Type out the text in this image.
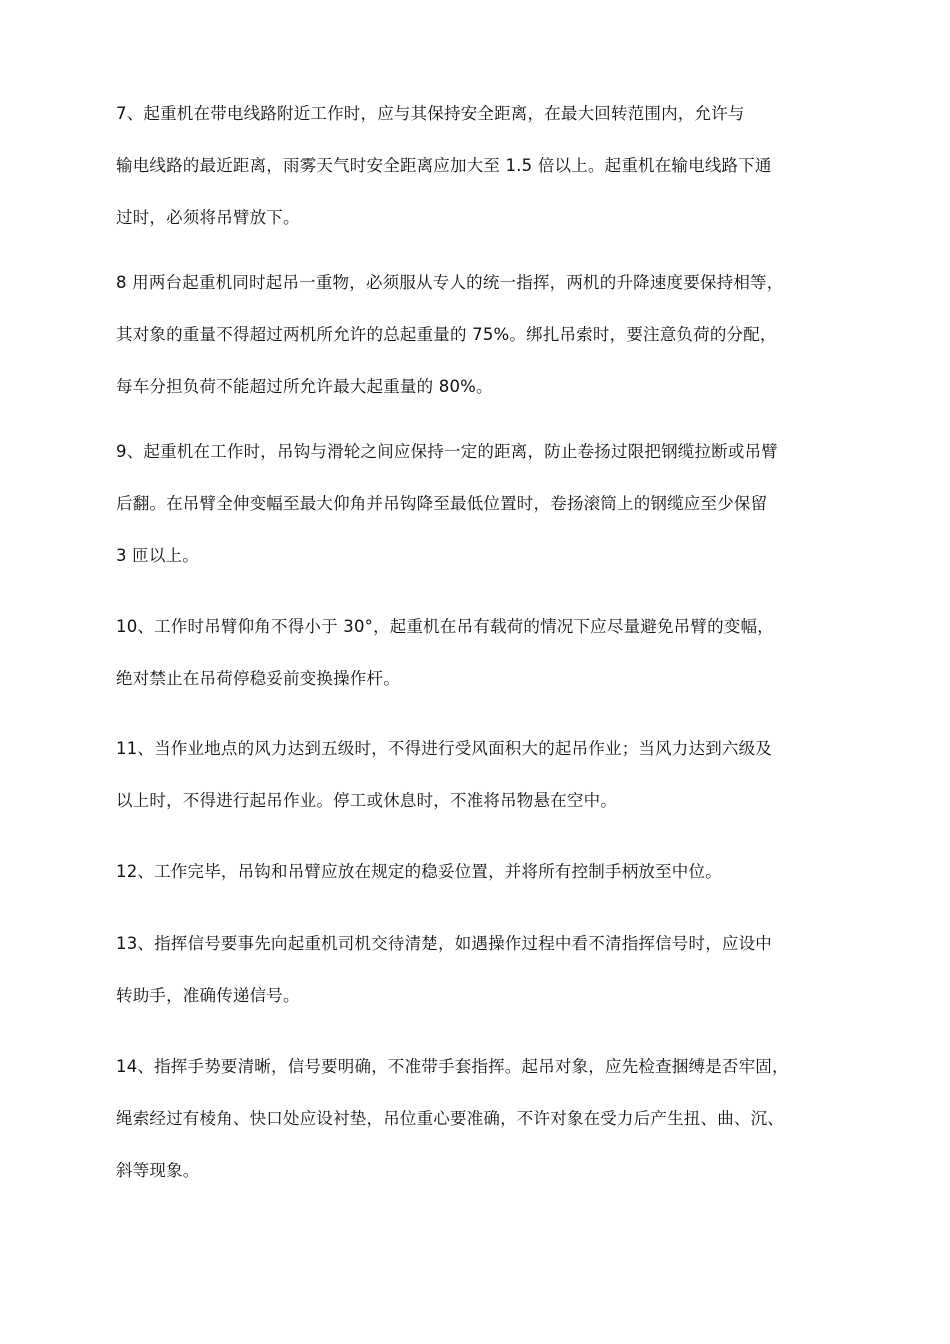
7、起重机在带电线路附近工作时，应与其保持安全距离，在最大回转范围内，允许与
输电线路的最近距离，雨雾天气时安全距离应加大至 1.5 倍以上。起重机在输电线路下通
过时，必须将吊臂放下。

8 用两台起重机同时起吊一重物，必须服从专人的统一指挥，两机的升降速度要保持相等，
其对象的重量不得超过两机所允许的总起重量的 75%。绑扎吊索时，要注意负荷的分配，
每车分担负荷不能超过所允许最大起重量的 80%。

9、起重机在工作时，吊钩与滑轮之间应保持一定的距离，防止卷扬过限把钢缆拉断或吊臂
后翻。在吊臂全伸变幅至最大仰角并吊钩降至最低位置时，卷扬滚筒上的钢缆应至少保留
3 匝以上。

10、工作时吊臂仰角不得小于 30°，起重机在吊有载荷的情况下应尽量避免吊臂的变幅，
绝对禁止在吊荷停稳妥前变换操作杆。

11、当作业地点的风力达到五级时，不得进行受风面积大的起吊作业；当风力达到六级及
以上时，不得进行起吊作业。停工或休息时，不准将吊物悬在空中。

12、工作完毕，吊钩和吊臂应放在规定的稳妥位置，并将所有控制手柄放至中位。

13、指挥信号要事先向起重机司机交待清楚，如遇操作过程中看不清指挥信号时，应设中
转助手，准确传递信号。

14、指挥手势要清晰，信号要明确，不准带手套指挥。起吊对象，应先检查捆缚是否牢固，
绳索经过有棱角、快口处应设衬垫，吊位重心要准确，不许对象在受力后产生扭、曲、沉、
斜等现象。
